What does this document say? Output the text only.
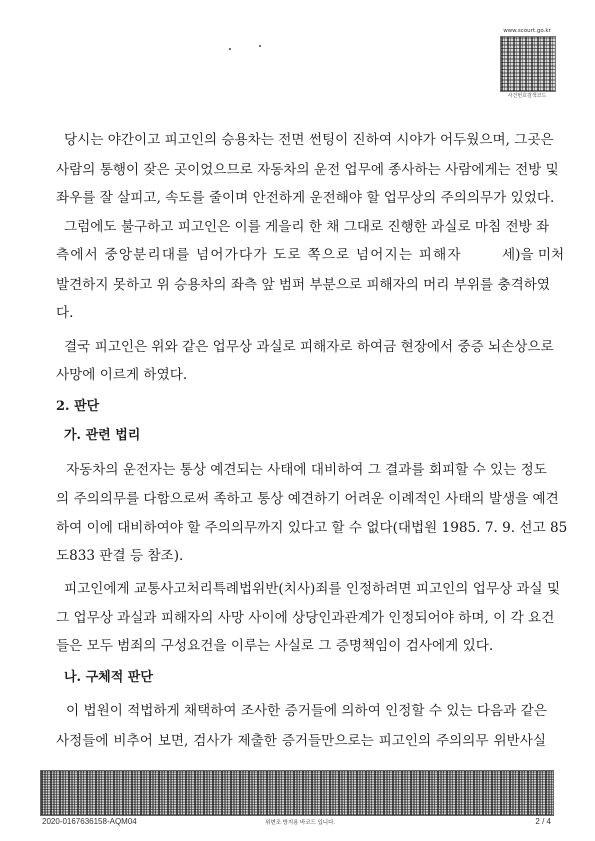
www.scourt.go.kr
사건번호검색코드
당시는 야간이고 피고인의 승용차는 전면 썬팅이 진하여 시야가 어두웠으며, 그곳은
사람의 통행이 잦은 곳이었으므로 자동차의 운전 업무에 종사하는 사람에게는 전방 및
좌우를 잘 살피고, 속도를 줄이며 안전하게 운전해야 할 업무상의 주의의무가 있었다.
그럼에도 불구하고 피고인은 이를 게을리 한 채 그대로 진행한 과실로 마침 전방 좌
측에서 중앙분리대를 넘어가다가 도로 쪽으로 넘어지는 피해자	세)을 미처
발견하지 못하고 위 승용차의 좌측 앞 범퍼 부분으로 피해자의 머리 부위를 충격하였
다.
결국 피고인은 위와 같은 업무상 과실로 피해자로 하여금 현장에서 중증 뇌손상으로
사망에 이르게 하였다.
2. 판단
가. 관련 법리
자동차의 운전자는 통상 예견되는 사태에 대비하여 그 결과를 회피할 수 있는 정도
의 주의의무를 다함으로써 족하고 통상 예견하기 어려운 이례적인 사태의 발생을 예견
하여 이에 대비하여야 할 주의의무까지 있다고 할 수 없다(대법원 1985. 7. 9. 선고 85
도833 판결 등 참조).
피고인에게 교통사고처리특례법위반(치사)죄를 인정하려면 피고인의 업무상 과실 및
그 업무상 과실과 피해자의 사망 사이에 상당인과관계가 인정되어야 하며, 이 각 요건
들은 모두 범죄의 구성요건을 이루는 사실로 그 증명책임이 검사에게 있다.
나. 구체적 판단
이 법원이 적법하게 채택하여 조사한 증거들에 의하여 인정할 수 있는 다음과 같은
사정들에 비추어 보면, 검사가 제출한 증거들만으로는 피고인의 주의의무 위반사실
2020-0167636158-AQM04	위변조 방지용 바코드 입니다.	2 / 4
